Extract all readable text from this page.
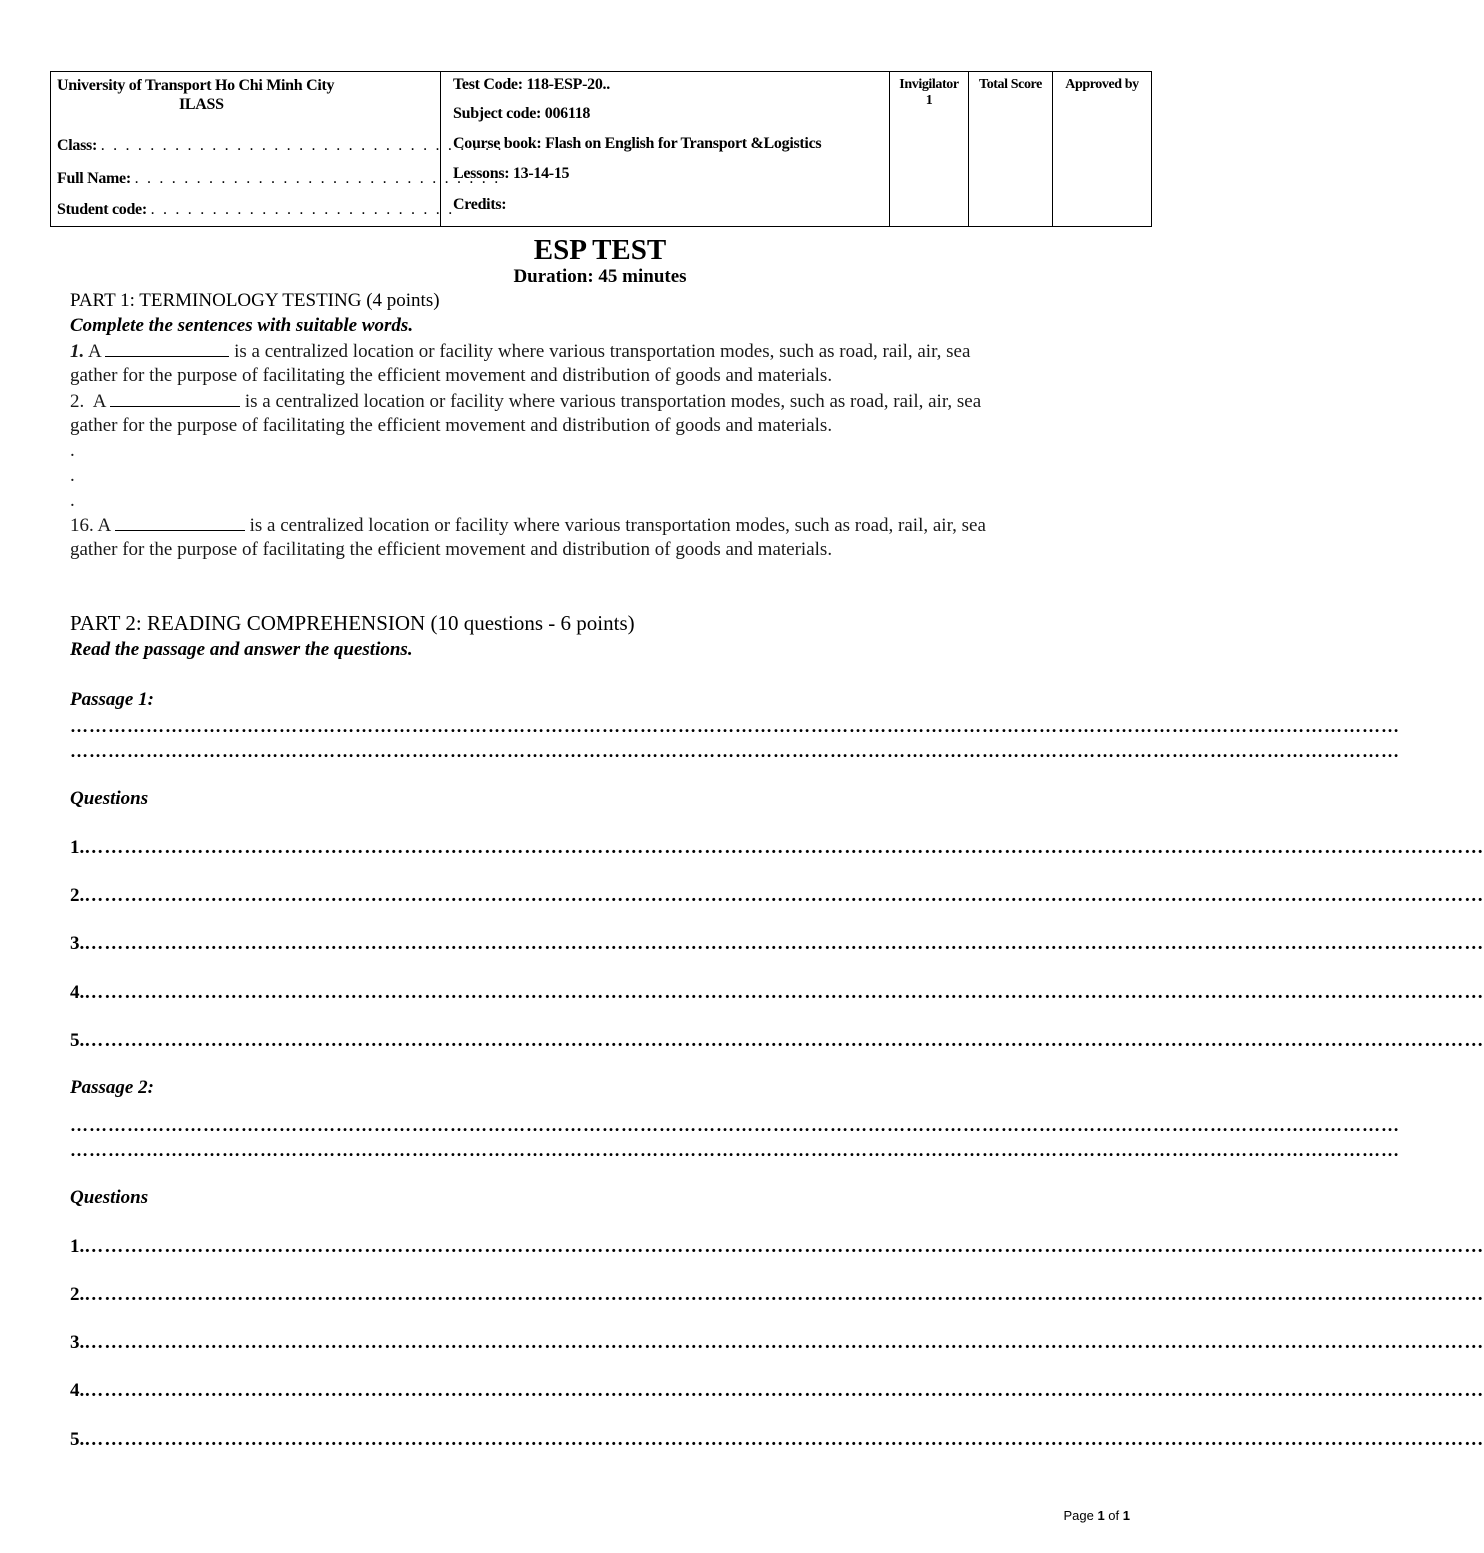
University of Transport Ho Chi Minh City
ILASS
Class: . . . . . . . . . . . . . . . . . . . . . . . . . . . . . . . . .
Full Name: . . . . . . . . . . . . . . . . . . . . . . . . . . . . . .
Student code: . . . . . . . . . . . . . . . . . . . . . . . . .

Test Code: 118-ESP-20..
Subject code: 006118
Course book: Flash on English for Transport &Logistics
Lessons: 13-14-15
Credits:

Invigilator
1

Total Score	Approved by
ESP TEST
Duration: 45 minutes
PART 1: TERMINOLOGY TESTING (4 points)
Complete the sentences with suitable words.
1. A	is a centralized location or facility where various transportation modes, such as road, rail, air, sea
gather for the purpose of facilitating the efficient movement and distribution of goods and materials.
2.  A	is a centralized location or facility where various transportation modes, such as road, rail, air, sea
gather for the purpose of facilitating the efficient movement and distribution of goods and materials.
.
.
.
16. A	is a centralized location or facility where various transportation modes, such as road, rail, air, sea
gather for the purpose of facilitating the efficient movement and distribution of goods and materials.
PART 2: READING COMPREHENSION (10 questions - 6 points)
Read the passage and answer the questions.
Passage 1:
…………………………………………………………………………………………………………………………………………………………………………………………
…………………………………………………………………………………………………………………………………………………………………………………………
Questions
1.…………………………………………………………………………………………………………………………………………………………………………………………
2.…………………………………………………………………………………………………………………………………………………………………………………………
3.…………………………………………………………………………………………………………………………………………………………………………………………
4.…………………………………………………………………………………………………………………………………………………………………………………………
5.…………………………………………………………………………………………………………………………………………………………………………………………
Passage 2:
…………………………………………………………………………………………………………………………………………………………………………………………
…………………………………………………………………………………………………………………………………………………………………………………………
Questions
1.…………………………………………………………………………………………………………………………………………………………………………………………
2.…………………………………………………………………………………………………………………………………………………………………………………………
3.…………………………………………………………………………………………………………………………………………………………………………………………
4.…………………………………………………………………………………………………………………………………………………………………………………………
5.…………………………………………………………………………………………………………………………………………………………………………………………
Page 1 of 1
